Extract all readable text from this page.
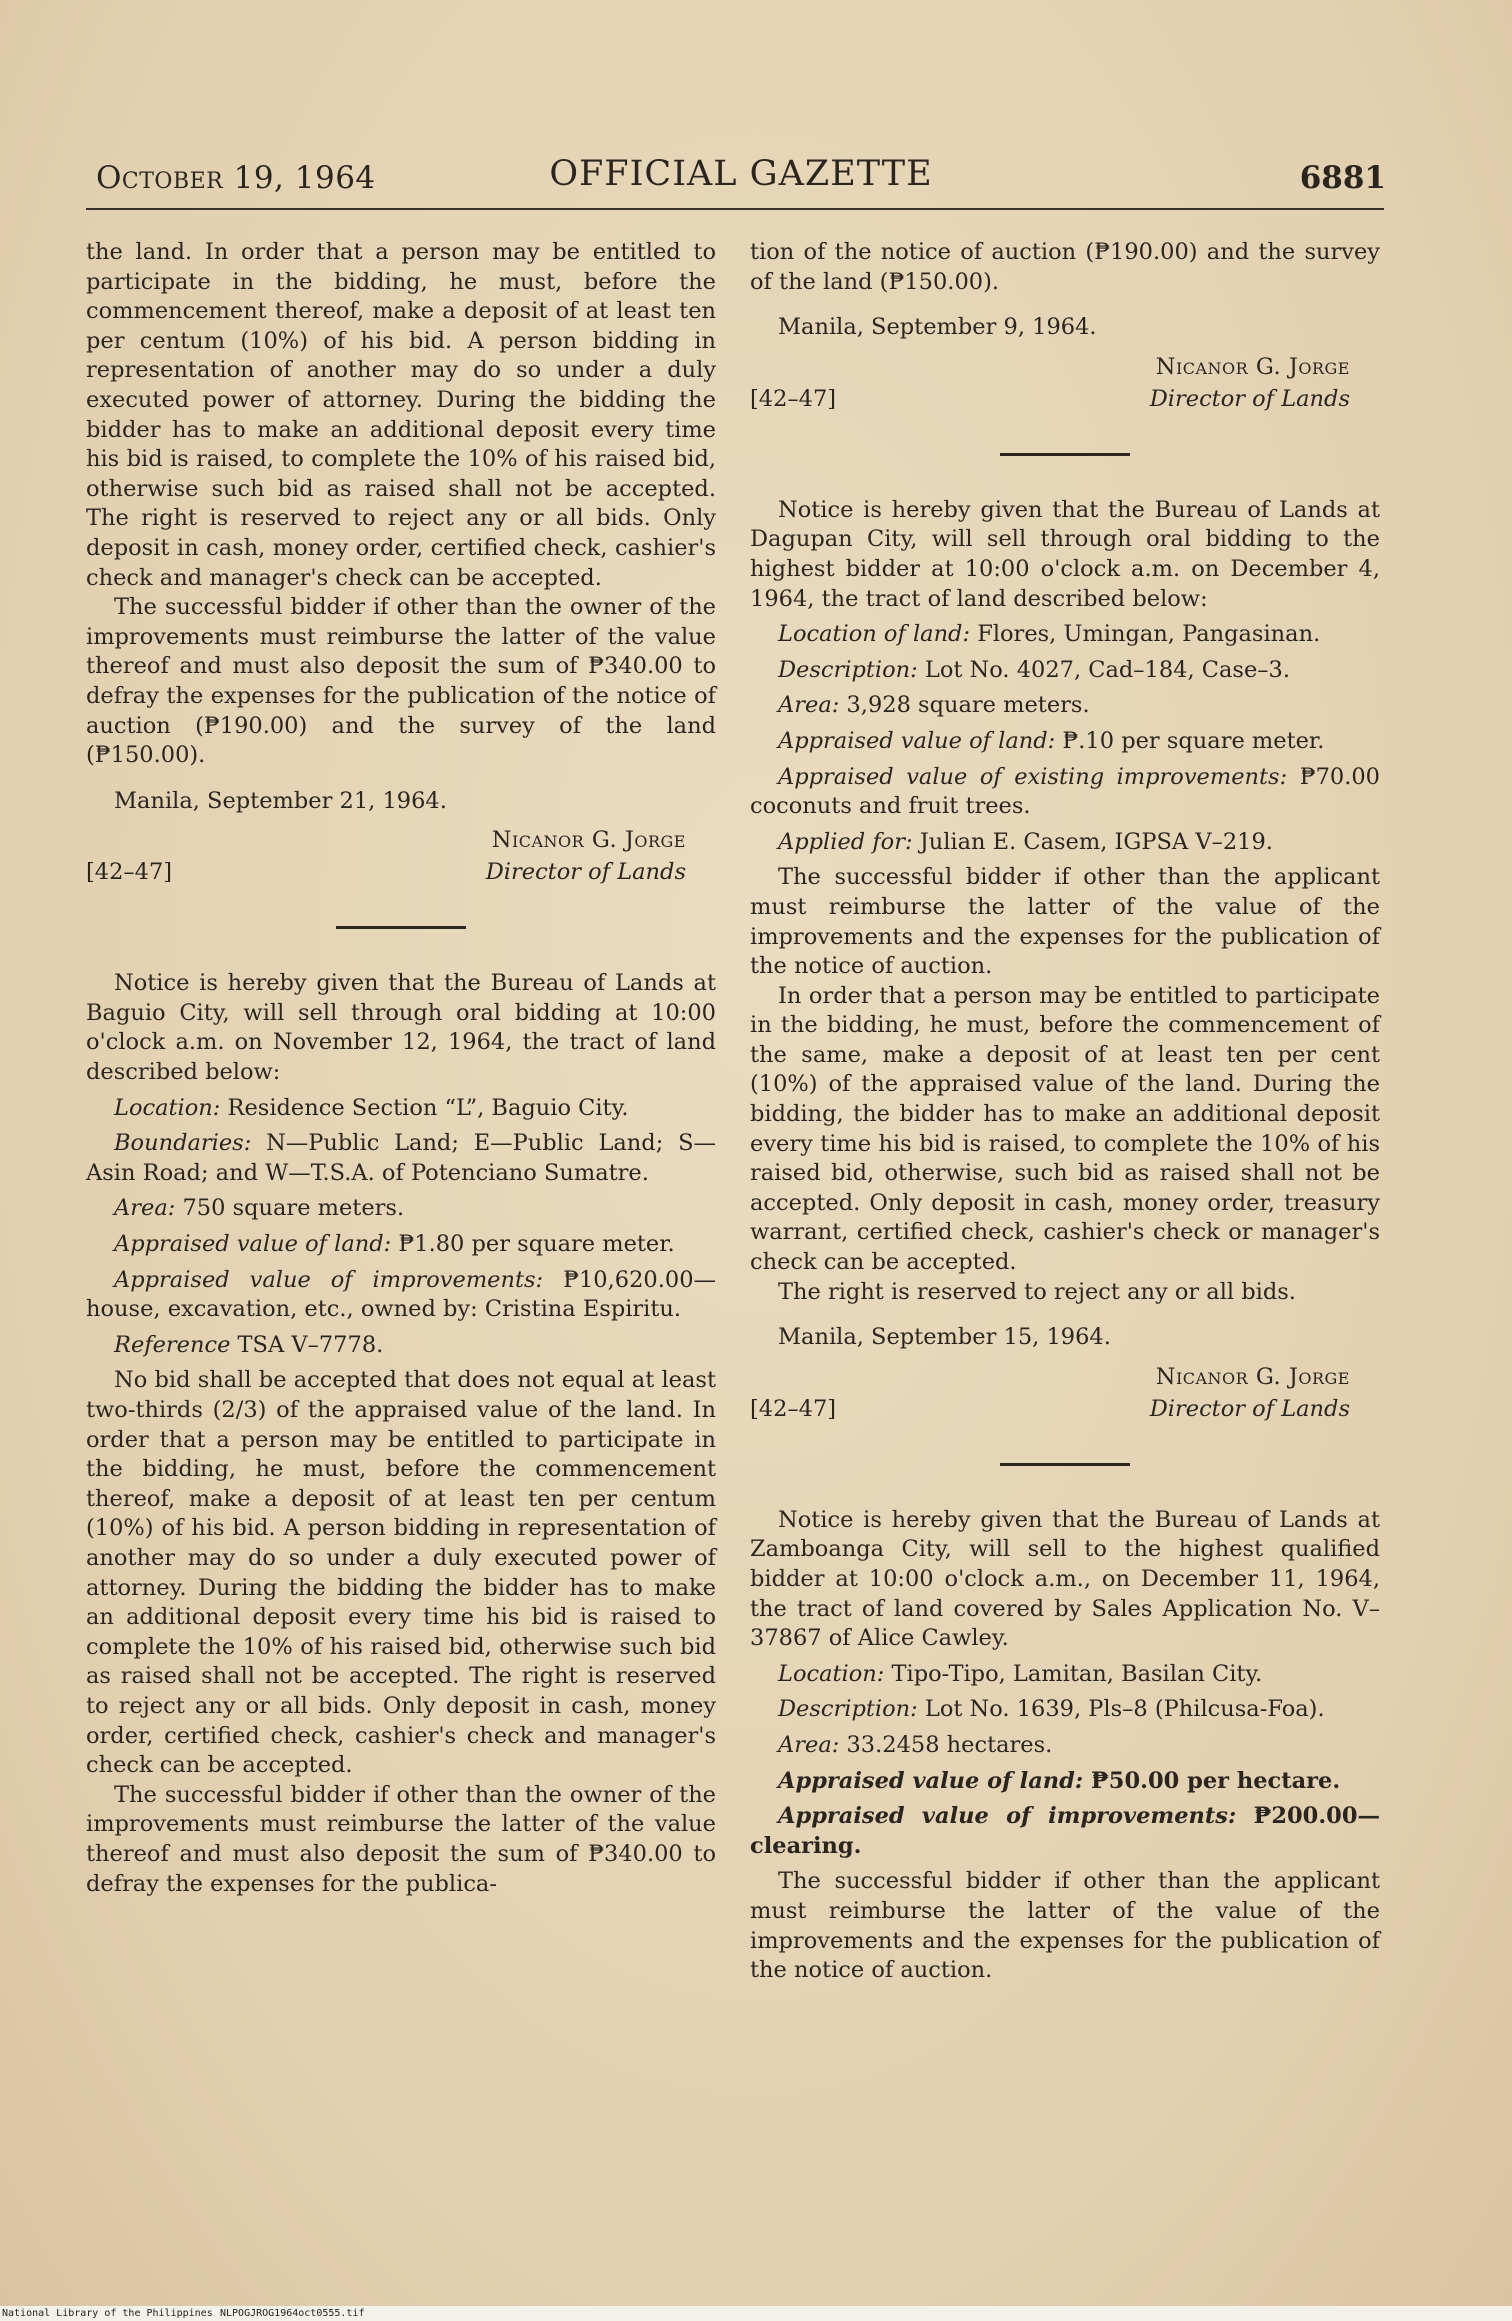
October 19, 1964	OFFICIAL GAZETTE	6881

the land. In order that a person may be entitled to participate in the bidding, he must, before the commencement thereof, make a deposit of at least ten per centum (10%) of his bid. A person bidding in representation of another may do so under a duly executed power of attorney. During the bidding the bidder has to make an additional deposit every time his bid is raised, to complete the 10% of his raised bid, otherwise such bid as raised shall not be accepted. The right is reserved to reject any or all bids. Only deposit in cash, money order, certified check, cashier's check and manager's check can be accepted.

The successful bidder if other than the owner of the improvements must reimburse the latter of the value thereof and must also deposit the sum of ₱340.00 to defray the expenses for the publication of the notice of auction (₱190.00) and the survey of the land (₱150.00).

Manila, September 21, 1964.

Nicanor G. Jorge
[42–47]	Director of Lands

Notice is hereby given that the Bureau of Lands at Baguio City, will sell through oral bidding at 10:00 o'clock a.m. on November 12, 1964, the tract of land described below:

Location: Residence Section “L”, Baguio City.

Boundaries: N—Public Land; E—Public Land; S—Asin Road; and W—T.S.A. of Potenciano Sumatre.

Area: 750 square meters.

Appraised value of land: ₱1.80 per square meter.

Appraised value of improvements: ₱10,620.00—house, excavation, etc., owned by: Cristina Espiritu.

Reference TSA V–7778.

No bid shall be accepted that does not equal at least two-thirds (2/3) of the appraised value of the land. In order that a person may be entitled to participate in the bidding, he must, before the commencement thereof, make a deposit of at least ten per centum (10%) of his bid. A person bidding in representation of another may do so under a duly executed power of attorney. During the bidding the bidder has to make an additional deposit every time his bid is raised to complete the 10% of his raised bid, otherwise such bid as raised shall not be accepted. The right is reserved to reject any or all bids. Only deposit in cash, money order, certified check, cashier's check and manager's check can be accepted.

The successful bidder if other than the owner of the improvements must reimburse the latter of the value thereof and must also deposit the sum of ₱340.00 to defray the expenses for the publica-

tion of the notice of auction (₱190.00) and the survey of the land (₱150.00).

Manila, September 9, 1964.

Nicanor G. Jorge
[42–47]	Director of Lands

Notice is hereby given that the Bureau of Lands at Dagupan City, will sell through oral bidding to the highest bidder at 10:00 o'clock a.m. on December 4, 1964, the tract of land described below:

Location of land: Flores, Umingan, Pangasinan.

Description: Lot No. 4027, Cad–184, Case–3.

Area: 3,928 square meters.

Appraised value of land: ₱.10 per square meter.

Appraised value of existing improvements: ₱70.00 coconuts and fruit trees.

Applied for: Julian E. Casem, IGPSA V–219.

The successful bidder if other than the applicant must reimburse the latter of the value of the improvements and the expenses for the publication of the notice of auction.

In order that a person may be entitled to participate in the bidding, he must, before the commencement of the same, make a deposit of at least ten per cent (10%) of the appraised value of the land. During the bidding, the bidder has to make an additional deposit every time his bid is raised, to complete the 10% of his raised bid, otherwise, such bid as raised shall not be accepted. Only deposit in cash, money order, treasury warrant, certified check, cashier's check or manager's check can be accepted.

The right is reserved to reject any or all bids.

Manila, September 15, 1964.

Nicanor G. Jorge
[42–47]	Director of Lands

Notice is hereby given that the Bureau of Lands at Zamboanga City, will sell to the highest qualified bidder at 10:00 o'clock a.m., on December 11, 1964, the tract of land covered by Sales Application No. V–37867 of Alice Cawley.

Location: Tipo-Tipo, Lamitan, Basilan City.

Description: Lot No. 1639, Pls–8 (Philcusa-Foa).

Area: 33.2458 hectares.

Appraised value of land: ₱50.00 per hectare.

Appraised value of improvements: ₱200.00—clearing.

The successful bidder if other than the applicant must reimburse the latter of the value of the improvements and the expenses for the publication of the notice of auction.

National Library of the Philippines NLPOGJROG1964oct0555.tif
